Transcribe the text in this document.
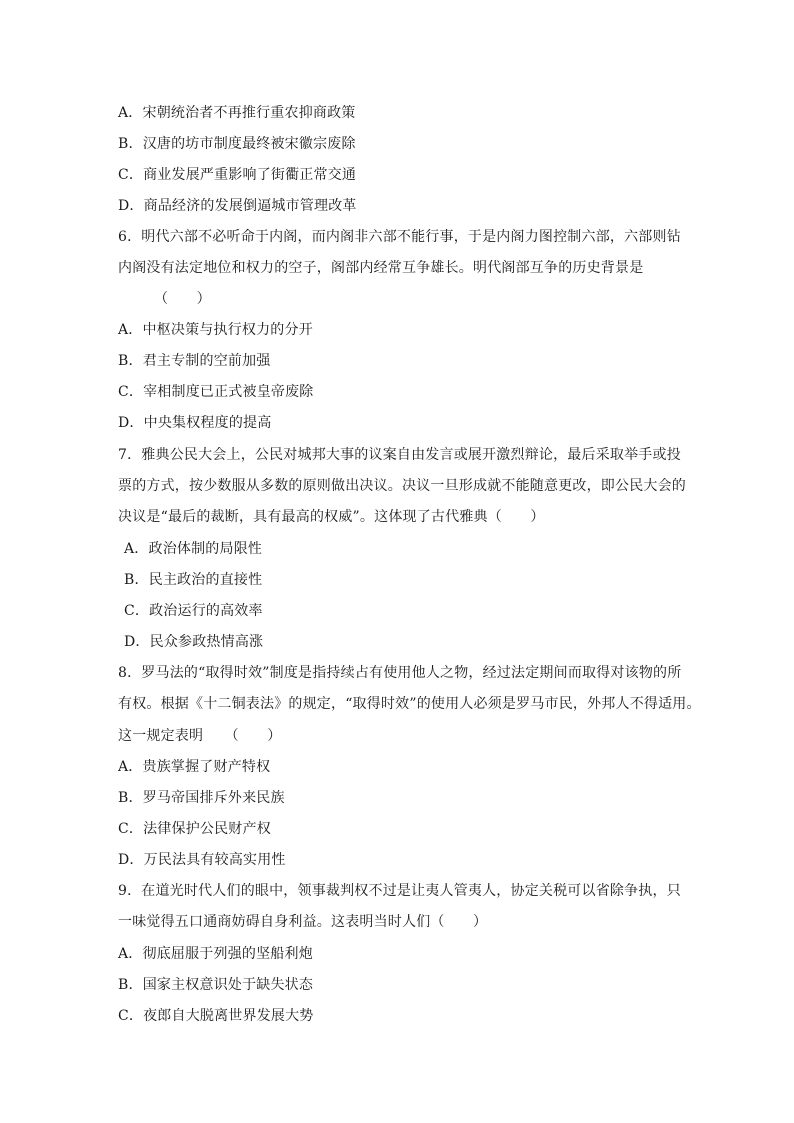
A．宋朝统治者不再推行重农抑商政策
B．汉唐的坊市制度最终被宋徽宗废除
C．商业发展严重影响了街衢正常交通
D．商品经济的发展倒逼城市管理改革
6．明代六部不必听命于内阁，而内阁非六部不能行事，于是内阁力图控制六部，六部则钻
内阁没有法定地位和权力的空子，阁部内经常互争雄长。明代阁部互争的历史背景是
（　　）
A．中枢决策与执行权力的分开
B．君主专制的空前加强
C．宰相制度已正式被皇帝废除
D．中央集权程度的提高
7．雅典公民大会上，公民对城邦大事的议案自由发言或展开激烈辩论，最后采取举手或投
票的方式，按少数服从多数的原则做出决议。决议一旦形成就不能随意更改，即公民大会的
决议是“最后的裁断，具有最高的权威”。这体现了古代雅典（　　）
A．政治体制的局限性
B．民主政治的直接性
C．政治运行的高效率
D．民众参政热情高涨
8．罗马法的“取得时效”制度是指持续占有使用他人之物，经过法定期间而取得对该物的所
有权。根据《十二铜表法》的规定，“取得时效”的使用人必须是罗马市民，外邦人不得适用。
这一规定表明　　（　　）
A．贵族掌握了财产特权
B．罗马帝国排斥外来民族
C．法律保护公民财产权
D．万民法具有较高实用性
9．在道光时代人们的眼中，领事裁判权不过是让夷人管夷人，协定关税可以省除争执，只
一味觉得五口通商妨碍自身利益。这表明当时人们（　　）
A．彻底屈服于列强的坚船利炮
B．国家主权意识处于缺失状态
C．夜郎自大脱离世界发展大势
